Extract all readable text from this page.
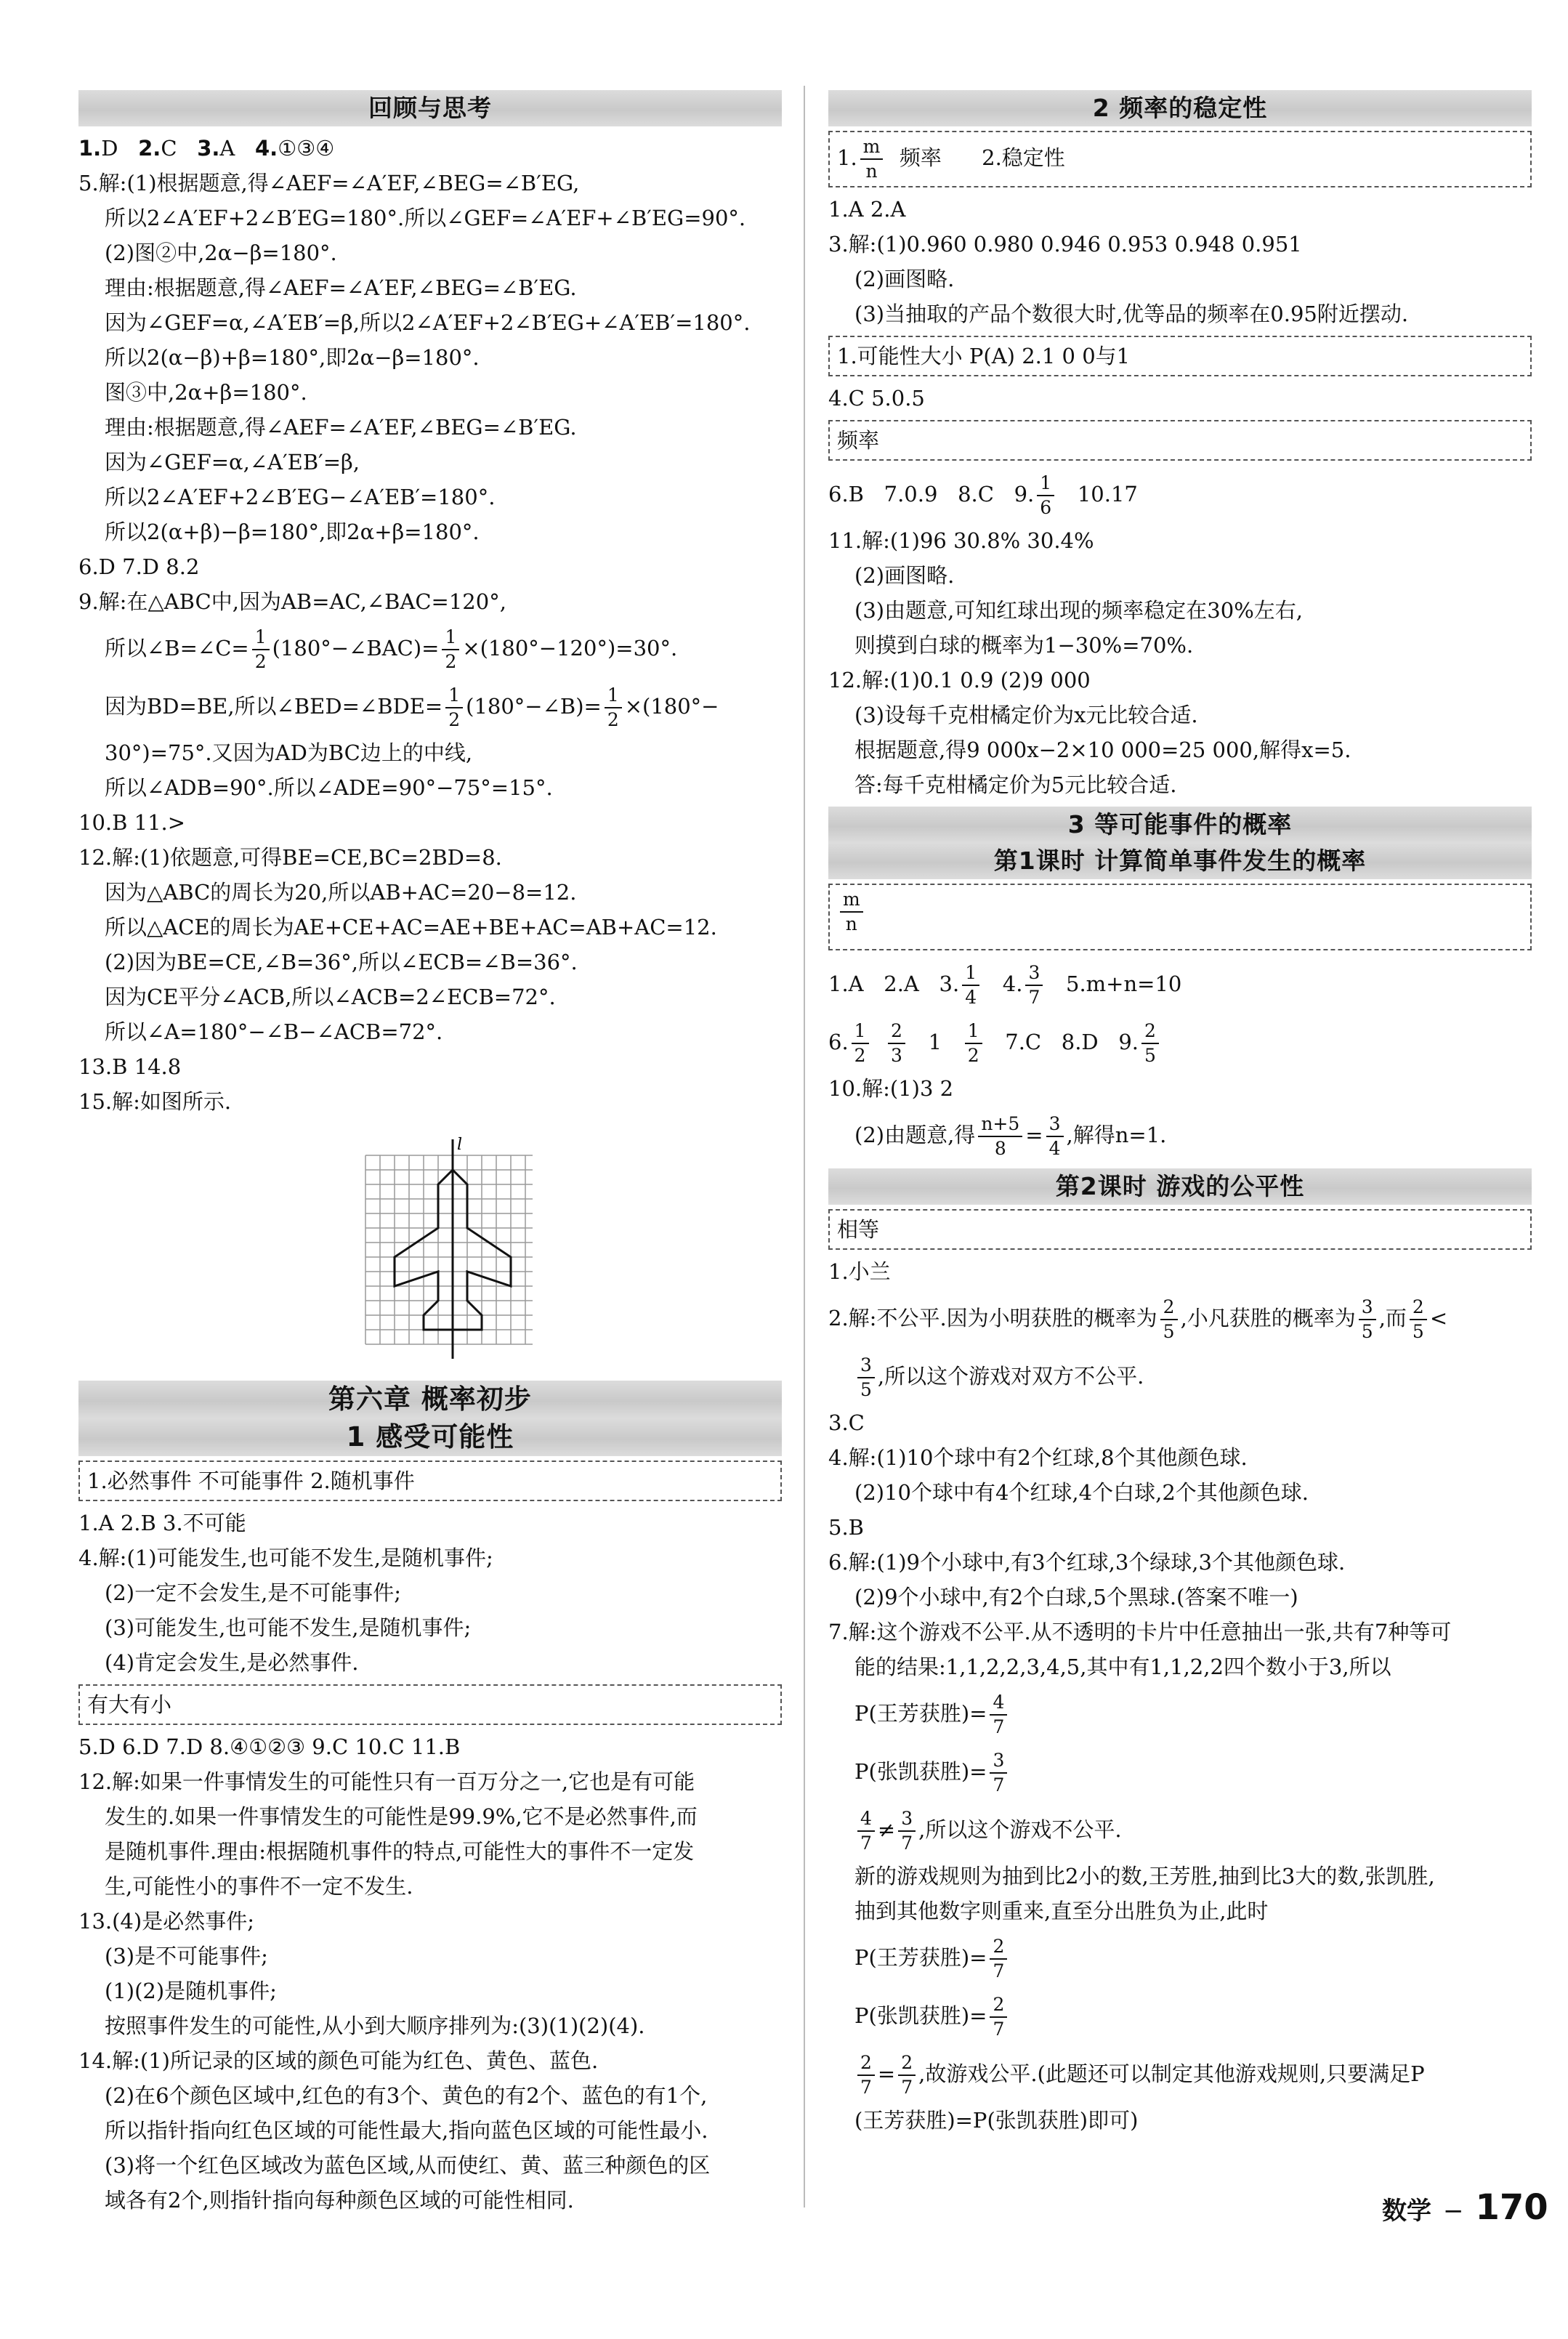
回顾与思考
1.D 2.C 3.A 4.①③④
5.解:(1)根据题意,得∠AEF=∠A′EF,∠BEG=∠B′EG,
所以2∠A′EF+2∠B′EG=180°.所以∠GEF=∠A′EF+∠B′EG=90°.
(2)图②中,2α−β=180°.
理由:根据题意,得∠AEF=∠A′EF,∠BEG=∠B′EG.
因为∠GEF=α,∠A′EB′=β,所以2∠A′EF+2∠B′EG+∠A′EB′=180°.
所以2(α−β)+β=180°,即2α−β=180°.
图③中,2α+β=180°.
理由:根据题意,得∠AEF=∠A′EF,∠BEG=∠B′EG.
因为∠GEF=α,∠A′EB′=β,
所以2∠A′EF+2∠B′EG−∠A′EB′=180°.
所以2(α+β)−β=180°,即2α+β=180°.
6.D 7.D 8.2
9.解:在△ABC中,因为AB=AC,∠BAC=120°,
所以∠B=∠C= $\frac{1}{2}$ (180°−∠BAC)= $\frac{1}{2} \times(180^\circ-120^\circ)=30^\circ$.
因为BD=BE,所以∠BED=∠BDE= $\frac{1}{2}$ (180°−∠B)= $\frac{1}{2} \times(180^\circ-$
30°)=75°.又因为AD为BC边上的中线,
所以∠ADB=90°.所以∠ADE=90°−75°=15°.
10.B 11.>
12.解:(1)依题意,可得BE=CE,BC=2BD=8.
因为△ABC的周长为20,所以AB+AC=20−8=12.
所以△ACE的周长为AE+CE+AC=AE+BE+AC=AB+AC=12.
(2)因为BE=CE,∠B=36°,所以∠ECB=∠B=36°.
因为CE平分∠ACB,所以∠ACB=2∠ECB=72°.
所以∠A=180°−∠B−∠ACB=72°.
13.B 14.8
15.解:如图所示.
l
第六章 概率初步
1 感受可能性
1.必然事件 不可能事件 2.随机事件
1.A 2.B 3.不可能
4.解:(1)可能发生,也可能不发生,是随机事件;
(2)一定不会发生,是不可能事件;
(3)可能发生,也可能不发生,是随机事件;
(4)肯定会发生,是必然事件.
有大有小
5.D 6.D 7.D 8.④①②③ 9.C 10.C 11.B
12.解:如果一件事情发生的可能性只有一百万分之一,它也是有可能
发生的.如果一件事情发生的可能性是99.9%,它不是必然事件,而
是随机事件.理由:根据随机事件的特点,可能性大的事件不一定发
生,可能性小的事件不一定不发生.
13.(4)是必然事件;
(3)是不可能事件;
(1)(2)是随机事件;
按照事件发生的可能性,从小到大顺序排列为:(3)(1)(2)(4).
14.解:(1)所记录的区域的颜色可能为红色、黄色、蓝色.
(2)在6个颜色区域中,红色的有3个、黄色的有2个、蓝色的有1个,
所以指针指向红色区域的可能性最大,指向蓝色区域的可能性最小.
(3)将一个红色区域改为蓝色区域,从而使红、黄、蓝三种颜色的区
域各有2个,则指针指向每种颜色区域的可能性相同.
2 频率的稳定性
1. $\frac{m}{n}$ 频率      2.稳定性
1.A 2.A
3.解:(1)0.960 0.980 0.946 0.953 0.948 0.951
(2)画图略.
(3)当抽取的产品个数很大时,优等品的频率在0.95附近摆动.
1.可能性大小 P(A) 2.1 0 0与1
4.C 5.0.5
频率
6.B   7.0.9   8.C   9. $\frac{1}{6} 10.17$
11.解:(1)96 30.8% 30.4%
(2)画图略.
(3)由题意,可知红球出现的频率稳定在30%左右,
则摸到白球的概率为1−30%=70%.
12.解:(1)0.1 0.9 (2)9 000
(3)设每千克柑橘定价为x元比较合适.
根据题意,得9 000x−2×10 000=25 000,解得x=5.
答:每千克柑橘定价为5元比较合适.
3 等可能事件的概率
第1课时 计算简单事件发生的概率
$\frac{m}{n}$
1.A   2.A   3. $\frac{1}{4} 4$. $\frac{3}{7} 5.m+n=10$
6. $\frac{1}{2}$
$\frac{2}{3} 1 \frac{1}{2} 7.C$   8.D   9. $\frac{2}{5}$
10.解:(1)3 2
(2)由题意,得 $\frac{n+5}{8} = \frac{3}{4}$ ,解得n=1.
第2课时 游戏的公平性
相等
1.小兰
2.解:不公平.因为小明获胜的概率为 $\frac{2}{5}$ ,小凡获胜的概率为 $\frac{3}{5}$ ,而 $\frac{2}{5}$ <
$\frac{3}{5}$ ,所以这个游戏对双方不公平.
3.C
4.解:(1)10个球中有2个红球,8个其他颜色球.
(2)10个球中有4个红球,4个白球,2个其他颜色球.
5.B
6.解:(1)9个小球中,有3个红球,3个绿球,3个其他颜色球.
(2)9个小球中,有2个白球,5个黑球.(答案不唯一)
7.解:这个游戏不公平.从不透明的卡片中任意抽出一张,共有7种等可
能的结果:1,1,2,2,3,4,5,其中有1,1,2,2四个数小于3,所以
P(王芳获胜)= $\frac{4}{7}$
P(张凯获胜)= $\frac{3}{7}$
$\frac{4}{7} \ne \frac{3}{7}$ ,所以这个游戏不公平.
新的游戏规则为抽到比2小的数,王芳胜,抽到比3大的数,张凯胜,
抽到其他数字则重来,直至分出胜负为止,此时
P(王芳获胜)= $\frac{2}{7}$
P(张凯获胜)= $\frac{2}{7}$
$\frac{2}{7} = \frac{2}{7}$ ,故游戏公平.(此题还可以制定其他游戏规则,只要满足P
(王芳获胜)=P(张凯获胜)即可)
数学 − 170
